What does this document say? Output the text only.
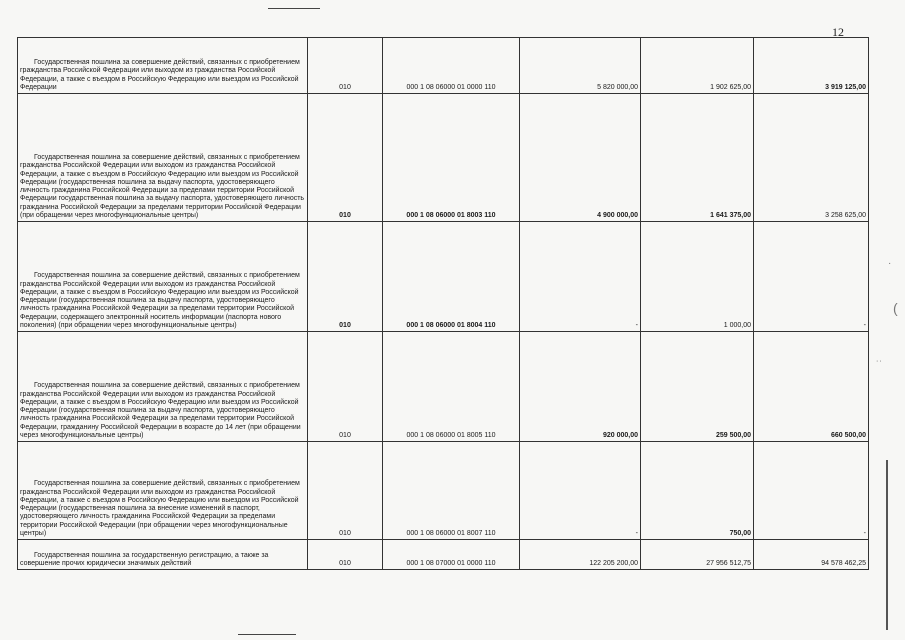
·
(
˙˙
12
Государственная пошлина за совершение действий, связанных с приобретением гражданства Российской Федерации или выходом из гражданства Российской Федерации, а также с въездом в Российскую Федерацию или выездом из Российской Федерации	010	000 1 08 06000 01 0000 110	5 820 000,00	1 902 625,00	3 919 125,00
Государственная пошлина за совершение действий, связанных с приобретением гражданства Российской Федерации или выходом из гражданства Российской Федерации, а также с въездом в Российскую Федерацию или выездом из Российской Федерации (государственная пошлина за выдачу паспорта, удостоверяющего личность гражданина Российской Федерации за пределами территории Российской Федерации государственная пошлина за выдачу паспорта, удостоверяющего личность гражданина Российской Федерации за пределами территории Российской Федерации (при обращении через многофункциональные центры)	010	000 1 08 06000 01 8003 110	4 900 000,00	1 641 375,00	3 258 625,00
Государственная пошлина за совершение действий, связанных с приобретением гражданства Российской Федерации или выходом из гражданства Российской Федерации, а также с въездом в Российскую Федерацию или выездом из Российской Федерации (государственная пошлина за выдачу паспорта, удостоверяющего личность гражданина Российской Федерации за пределами территории Российской Федерации, содержащего электронный носитель информации (паспорта нового поколения) (при обращении через многофункциональные центры)	010	000 1 08 06000 01 8004 110	-	1 000,00	-
Государственная пошлина за совершение действий, связанных с приобретением гражданства Российской Федерации или выходом из гражданства Российской Федерации, а также с въездом в Российскую Федерацию или выездом из Российской Федерации (государственная пошлина за выдачу паспорта, удостоверяющего личность гражданина Российской Федерации за пределами территории Российской Федерации, гражданину Российской Федерации в возрасте до 14 лет (при обращении через многофункциональные центры)	010	000 1 08 06000 01 8005 110	920 000,00	259 500,00	660 500,00
Государственная пошлина за совершение действий, связанных с приобретением гражданства Российской Федерации или выходом из гражданства Российской Федерации, а также с въездом в Российскую Федерацию или выездом из Российской Федерации (государственная пошлина за внесение изменений в паспорт, удостоверяющего личность гражданина Российской Федерации за пределами территории Российской Федерации (при обращении через многофункциональные центры)	010	000 1 08 06000 01 8007 110	-	750,00	-
Государственная пошлина за государственную регистрацию, а также за совершение прочих юридически значимых действий	010	000 1 08 07000 01 0000 110	122 205 200,00	27 956 512,75	94 578 462,25
